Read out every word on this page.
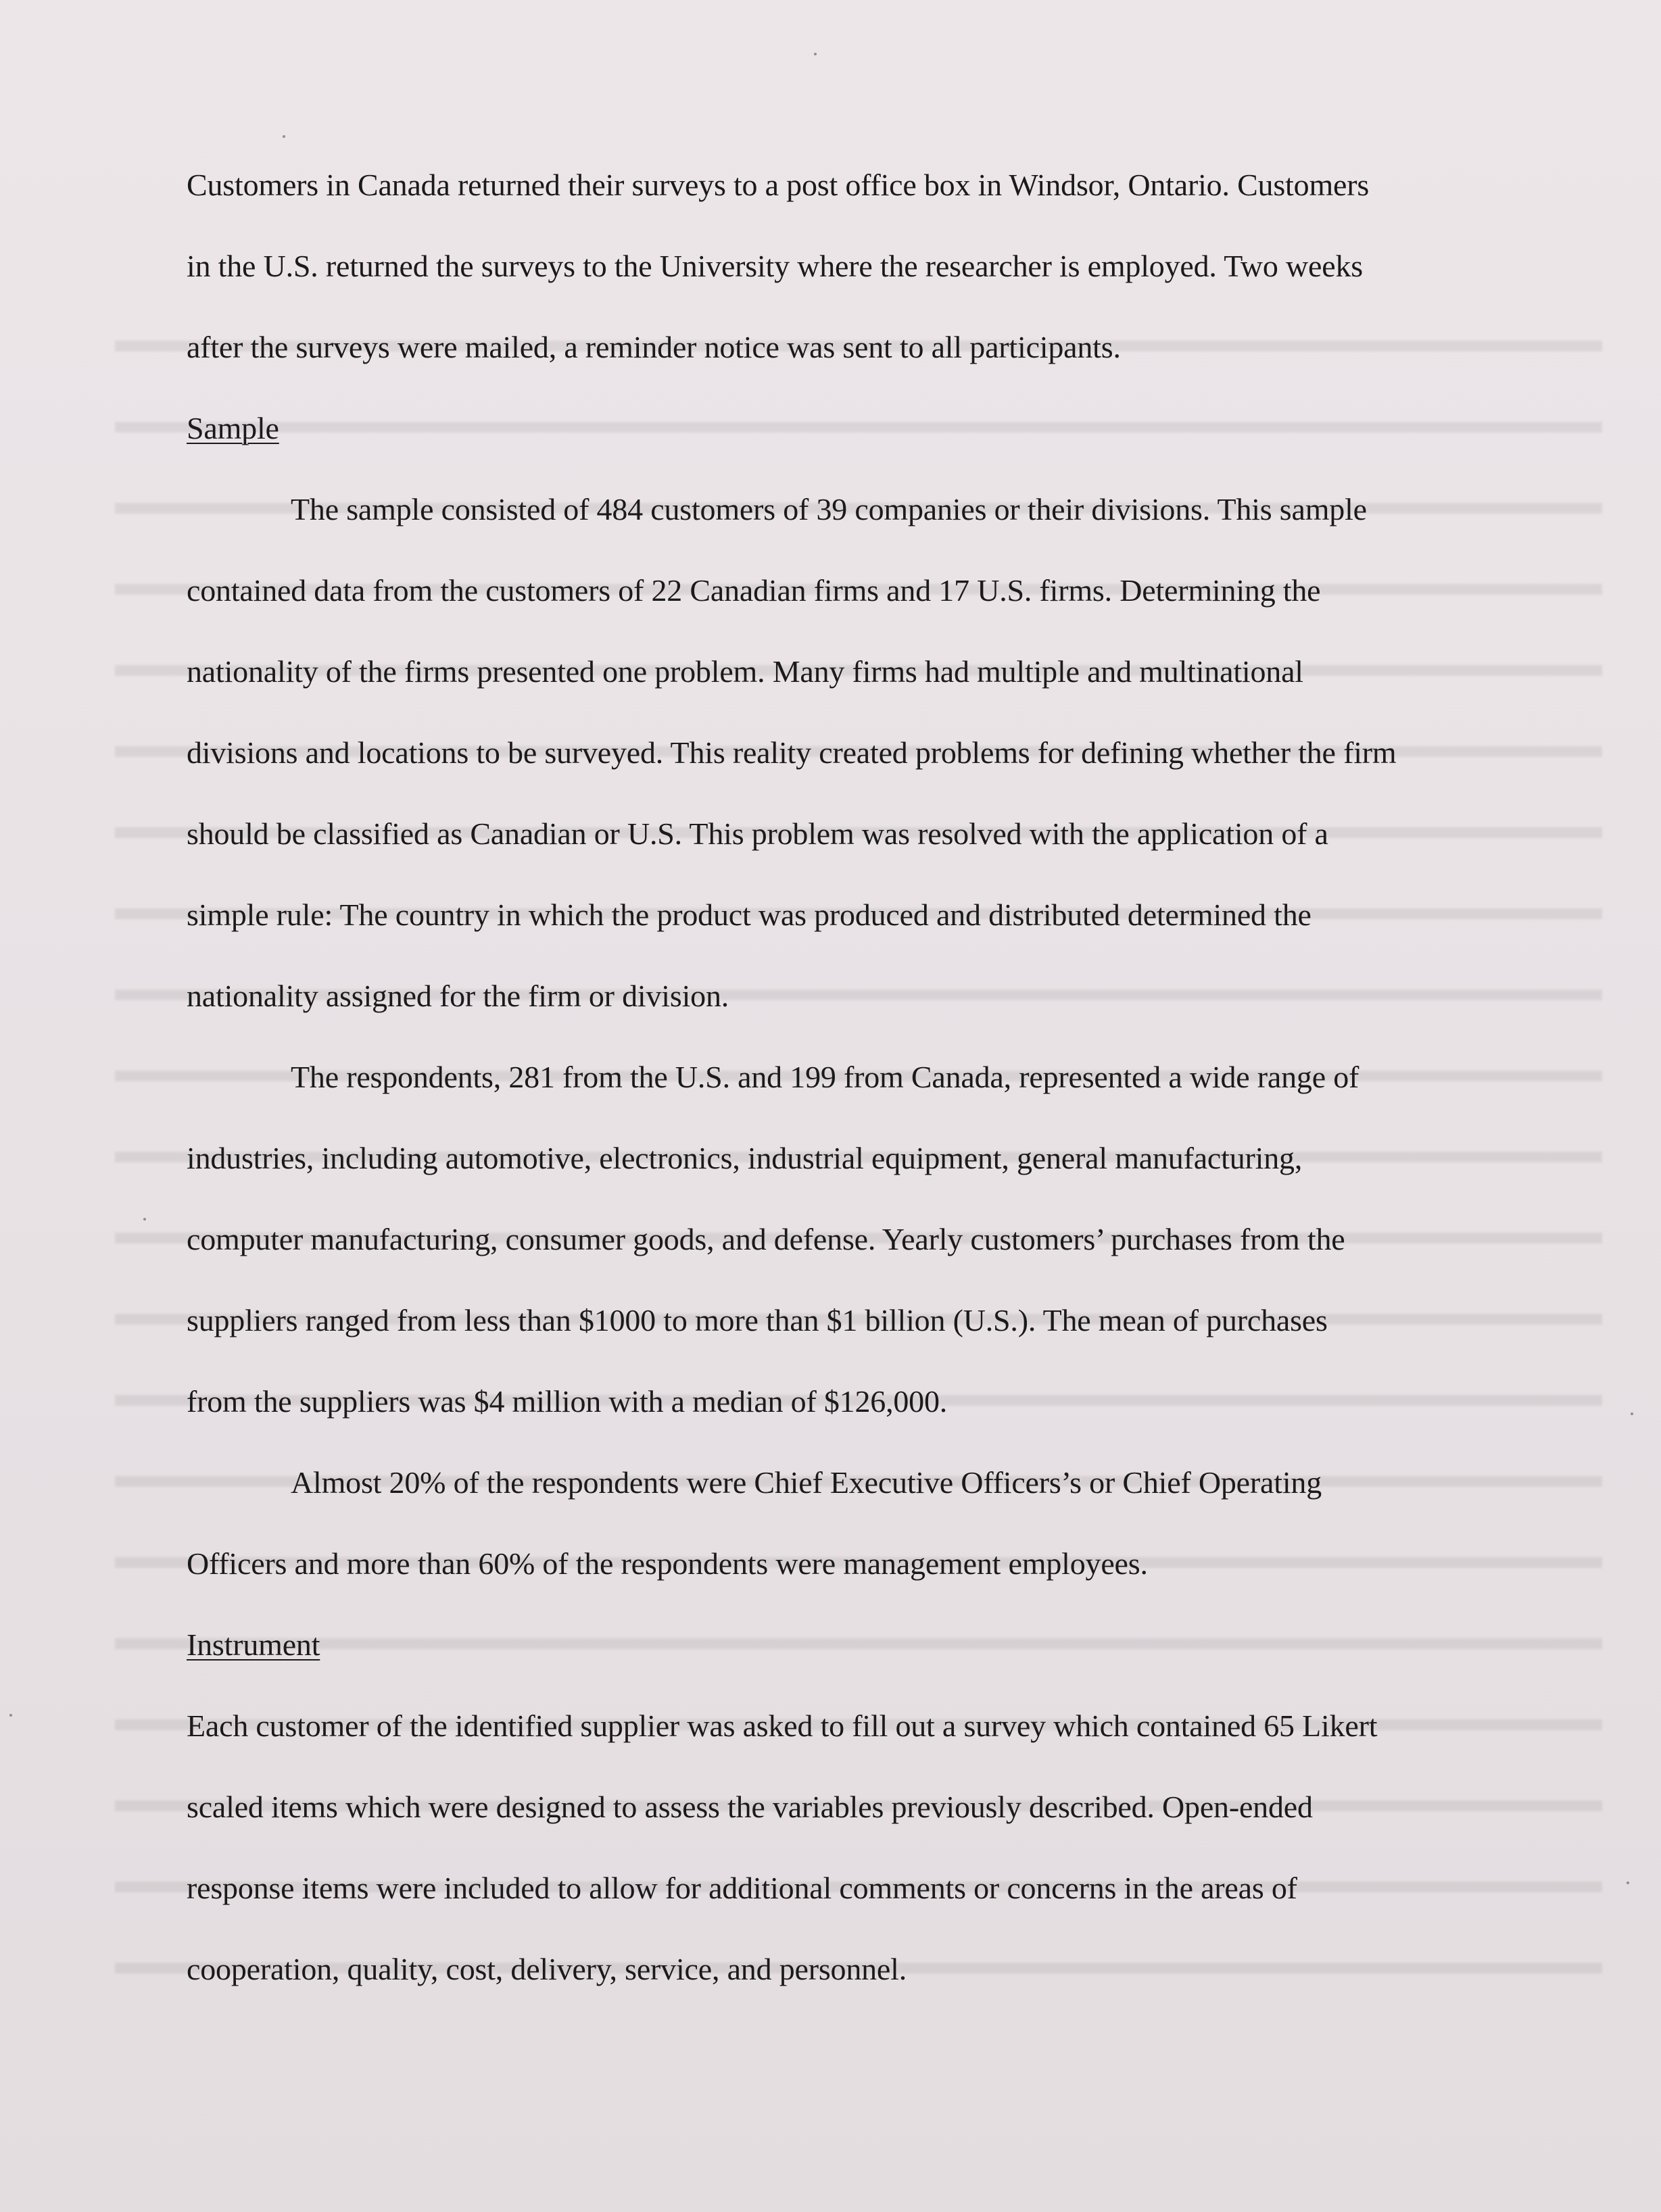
Customers in Canada returned their surveys to a post office box in Windsor, Ontario. Customers
in the U.S. returned the surveys to the University where the researcher is employed. Two weeks
after the surveys were mailed, a reminder notice was sent to all participants.
Sample
The sample consisted of 484 customers of 39 companies or their divisions. This sample
contained data from the customers of 22 Canadian firms and 17 U.S. firms. Determining the
nationality of the firms presented one problem. Many firms had multiple and multinational
divisions and locations to be surveyed. This reality created problems for defining whether the firm
should be classified as Canadian or U.S. This problem was resolved with the application of a
simple rule: The country in which the product was produced and distributed determined the
nationality assigned for the firm or division.
The respondents, 281 from the U.S. and 199 from Canada, represented a wide range of
industries, including automotive, electronics, industrial equipment, general manufacturing,
computer manufacturing, consumer goods, and defense. Yearly customers’ purchases from the
suppliers ranged from less than $1000 to more than $1 billion (U.S.). The mean of purchases
from the suppliers was $4 million with a median of $126,000.
Almost 20% of the respondents were Chief Executive Officers’s or Chief Operating
Officers and more than 60% of the respondents were management employees.
Instrument
Each customer of the identified supplier was asked to fill out a survey which contained 65 Likert
scaled items which were designed to assess the variables previously described. Open-ended
response items were included to allow for additional comments or concerns in the areas of
cooperation, quality, cost, delivery, service, and personnel.
